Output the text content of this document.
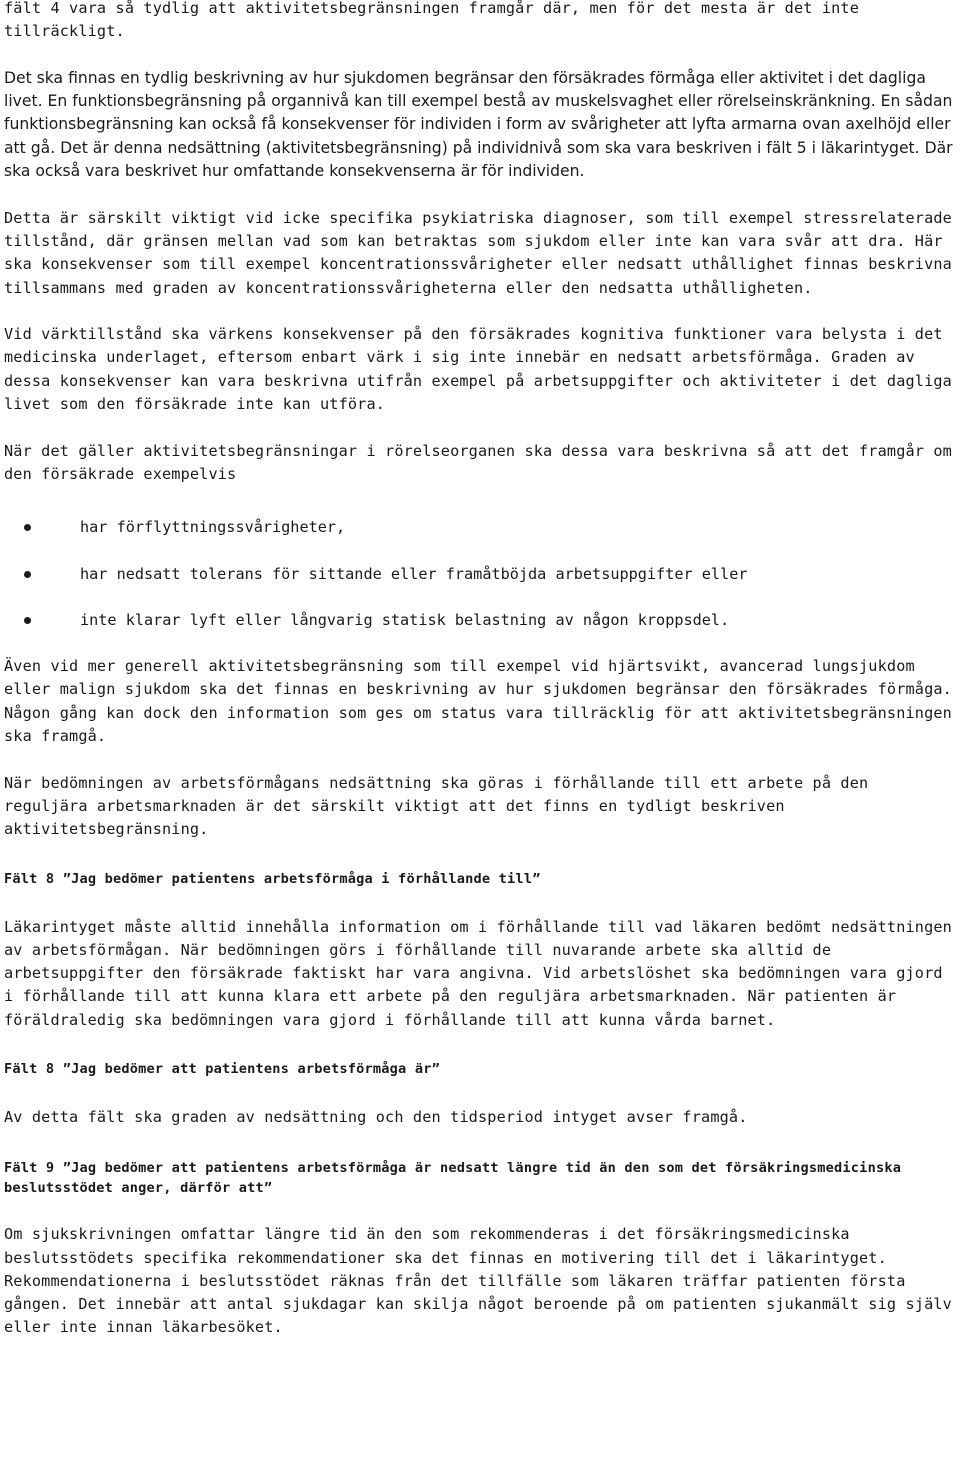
fält 4 vara så tydlig att aktivitetsbegränsningen framgår där, men för det mesta är det inte tillräckligt.

Det ska finnas en tydlig beskrivning av hur sjukdomen begränsar den försäkrades förmåga eller aktivitet i det dagliga livet. En funktionsbegränsning på organnivå kan till exempel bestå av muskelsvaghet eller rörelseinskränkning. En sådan funktionsbegränsning kan också få konsekvenser för individen i form av svårigheter att lyfta armarna ovan axelhöjd eller att gå. Det är denna nedsättning (aktivitetsbegränsning) på individnivå som ska vara beskriven i fält 5 i läkarintyget. Där ska också vara beskrivet hur omfattande konsekvenserna är för individen.

Detta är särskilt viktigt vid icke specifika psykiatriska diagnoser, som till exempel stressrelaterade tillstånd, där gränsen mellan vad som kan betraktas som sjukdom eller inte kan vara svår att dra. Här ska konsekvenser som till exempel koncentrationssvårigheter eller nedsatt uthållighet finnas beskrivna tillsammans med graden av koncentrationssvårigheterna eller den nedsatta uthålligheten.

Vid värktillstånd ska värkens konsekvenser på den försäkrades kognitiva funktioner vara belysta i det medicinska underlaget, eftersom enbart värk i sig inte innebär en nedsatt arbetsförmåga. Graden av dessa konsekvenser kan vara beskrivna utifrån exempel på arbetsuppgifter och aktiviteter i det dagliga livet som den försäkrade inte kan utföra.

När det gäller aktivitetsbegränsningar i rörelseorganen ska dessa vara beskrivna så att det framgår om den försäkrade exempelvis

har förflyttningssvårigheter,
har nedsatt tolerans för sittande eller framåtböjda arbetsuppgifter eller
inte klarar lyft eller långvarig statisk belastning av någon kroppsdel.

Även vid mer generell aktivitetsbegränsning som till exempel vid hjärtsvikt, avancerad lungsjukdom eller malign sjukdom ska det finnas en beskrivning av hur sjukdomen begränsar den försäkrades förmåga. Någon gång kan dock den information som ges om status vara tillräcklig för att aktivitetsbegränsningen ska framgå.

När bedömningen av arbetsförmågans nedsättning ska göras i förhållande till ett arbete på den reguljära arbetsmarknaden är det särskilt viktigt att det finns en tydligt beskriven aktivitetsbegränsning.

Fält 8 ”Jag bedömer patientens arbetsförmåga i förhållande till”

Läkarintyget måste alltid innehålla information om i förhållande till vad läkaren bedömt nedsättningen av arbetsförmågan. När bedömningen görs i förhållande till nuvarande arbete ska alltid de arbetsuppgifter den försäkrade faktiskt har vara angivna. Vid arbetslöshet ska bedömningen vara gjord i förhållande till att kunna klara ett arbete på den reguljära arbetsmarknaden. När patienten är föräldraledig ska bedömningen vara gjord i förhållande till att kunna vårda barnet.

Fält 8 ”Jag bedömer att patientens arbetsförmåga är”

Av detta fält ska graden av nedsättning och den tidsperiod intyget avser framgå.

Fält 9 ”Jag bedömer att patientens arbetsförmåga är nedsatt längre tid än den som det försäkringsmedicinska beslutsstödet anger, därför att”

Om sjukskrivningen omfattar längre tid än den som rekommenderas i det försäkringsmedicinska beslutsstödets specifika rekommendationer ska det finnas en motivering till det i läkarintyget. Rekommendationerna i beslutsstödet räknas från det tillfälle som läkaren träffar patienten första gången. Det innebär att antal sjukdagar kan skilja något beroende på om patienten sjukanmält sig själv eller inte innan läkarbesöket.
